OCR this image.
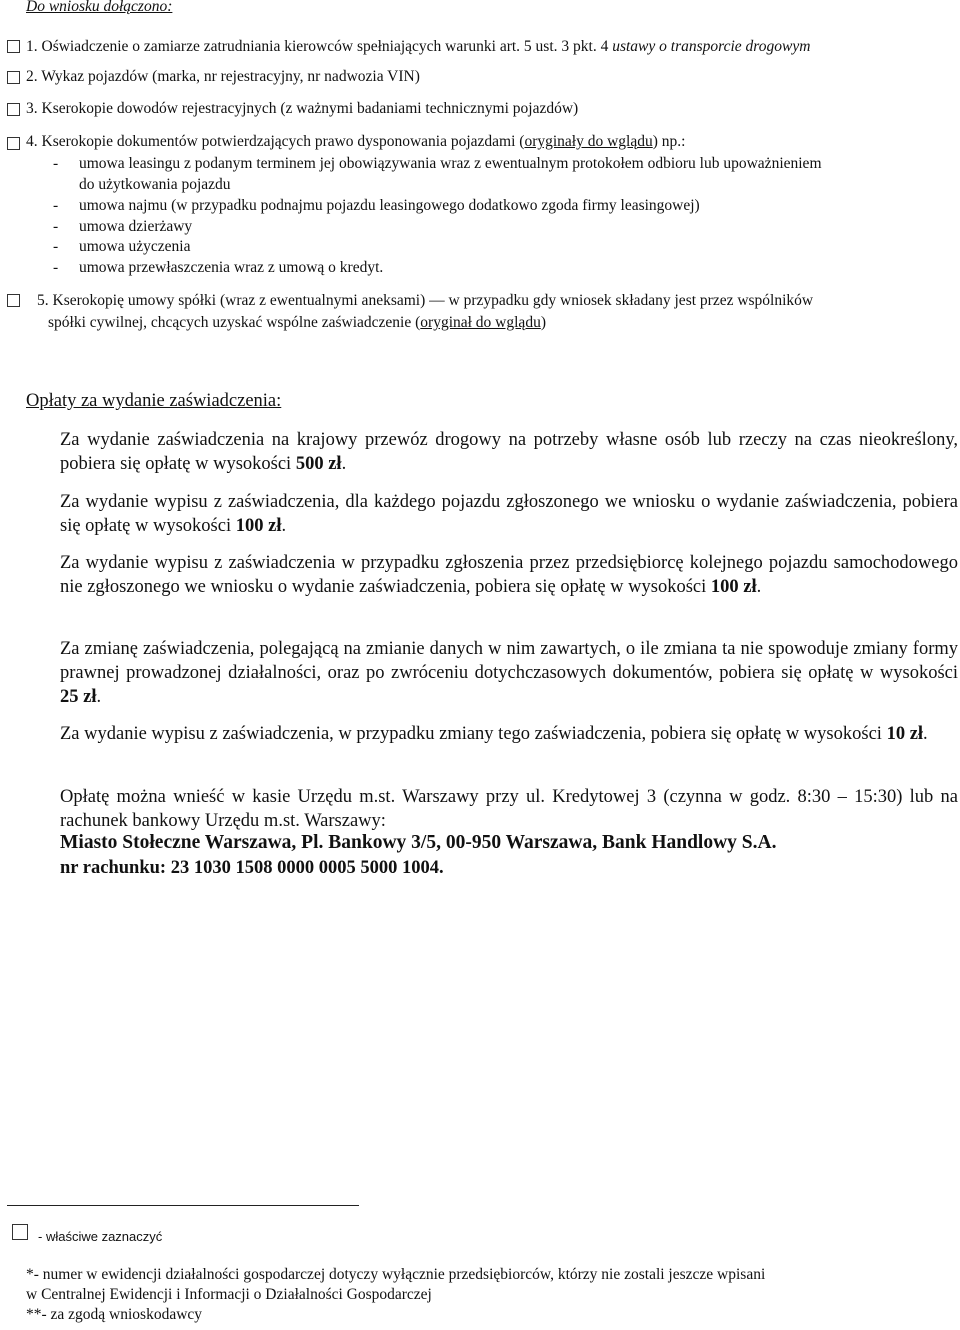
Do wniosku dołączono:
1. Oświadczenie o zamiarze zatrudniania kierowców spełniających warunki art. 5 ust. 3 pkt. 4 ustawy o transporcie drogowym
2. Wykaz pojazdów (marka, nr rejestracyjny, nr nadwozia VIN)
3. Kserokopie dowodów rejestracyjnych (z ważnymi badaniami technicznymi pojazdów)
4. Kserokopie dokumentów potwierdzających prawo dysponowania pojazdami (oryginały do wglądu) np.:
- umowa leasingu z podanym terminem jej obowiązywania wraz z ewentualnym protokołem odbioru lub upoważnieniem
do użytkowania pojazdu
- umowa najmu (w przypadku podnajmu pojazdu leasingowego dodatkowo zgoda firmy leasingowej)
- umowa dzierżawy
- umowa użyczenia
- umowa przewłaszczenia wraz z umową o kredyt.
5. Kserokopię umowy spółki (wraz z ewentualnymi aneksami) — w przypadku gdy wniosek składany jest przez wspólników
spółki cywilnej, chcących uzyskać wspólne zaświadczenie (oryginał do wglądu)
Opłaty za wydanie zaświadczenia:
Za wydanie zaświadczenia na krajowy przewóz drogowy na potrzeby własne osób lub rzeczy na czas nieokreślony, pobiera się opłatę w wysokości 500 zł.
Za wydanie wypisu z zaświadczenia, dla każdego pojazdu zgłoszonego we wniosku o wydanie zaświadczenia, pobiera się opłatę w wysokości 100 zł.
Za wydanie wypisu z zaświadczenia w przypadku zgłoszenia przez przedsiębiorcę kolejnego pojazdu samochodowego nie zgłoszonego we wniosku o wydanie zaświadczenia, pobiera się opłatę w wysokości 100 zł.
Za zmianę zaświadczenia, polegającą na zmianie danych w nim zawartych, o ile zmiana ta nie spowoduje zmiany formy prawnej prowadzonej działalności, oraz po zwróceniu dotychczasowych dokumentów, pobiera się opłatę w wysokości 25 zł.
Za wydanie wypisu z zaświadczenia, w przypadku zmiany tego zaświadczenia, pobiera się opłatę w wysokości 10 zł.
Opłatę można wnieść w kasie Urzędu m.st. Warszawy przy ul. Kredytowej 3 (czynna w godz. 8:30 – 15:30) lub na rachunek bankowy Urzędu m.st. Warszawy:
Miasto Stołeczne Warszawa, Pl. Bankowy 3/5, 00-950 Warszawa, Bank Handlowy S.A.
nr rachunku: 23 1030 1508 0000 0005 5000 1004.
- właściwe zaznaczyć
*- numer w ewidencji działalności gospodarczej dotyczy wyłącznie przedsiębiorców, którzy nie zostali jeszcze wpisani
w Centralnej Ewidencji i Informacji o Działalności Gospodarczej
**- za zgodą wnioskodawcy
